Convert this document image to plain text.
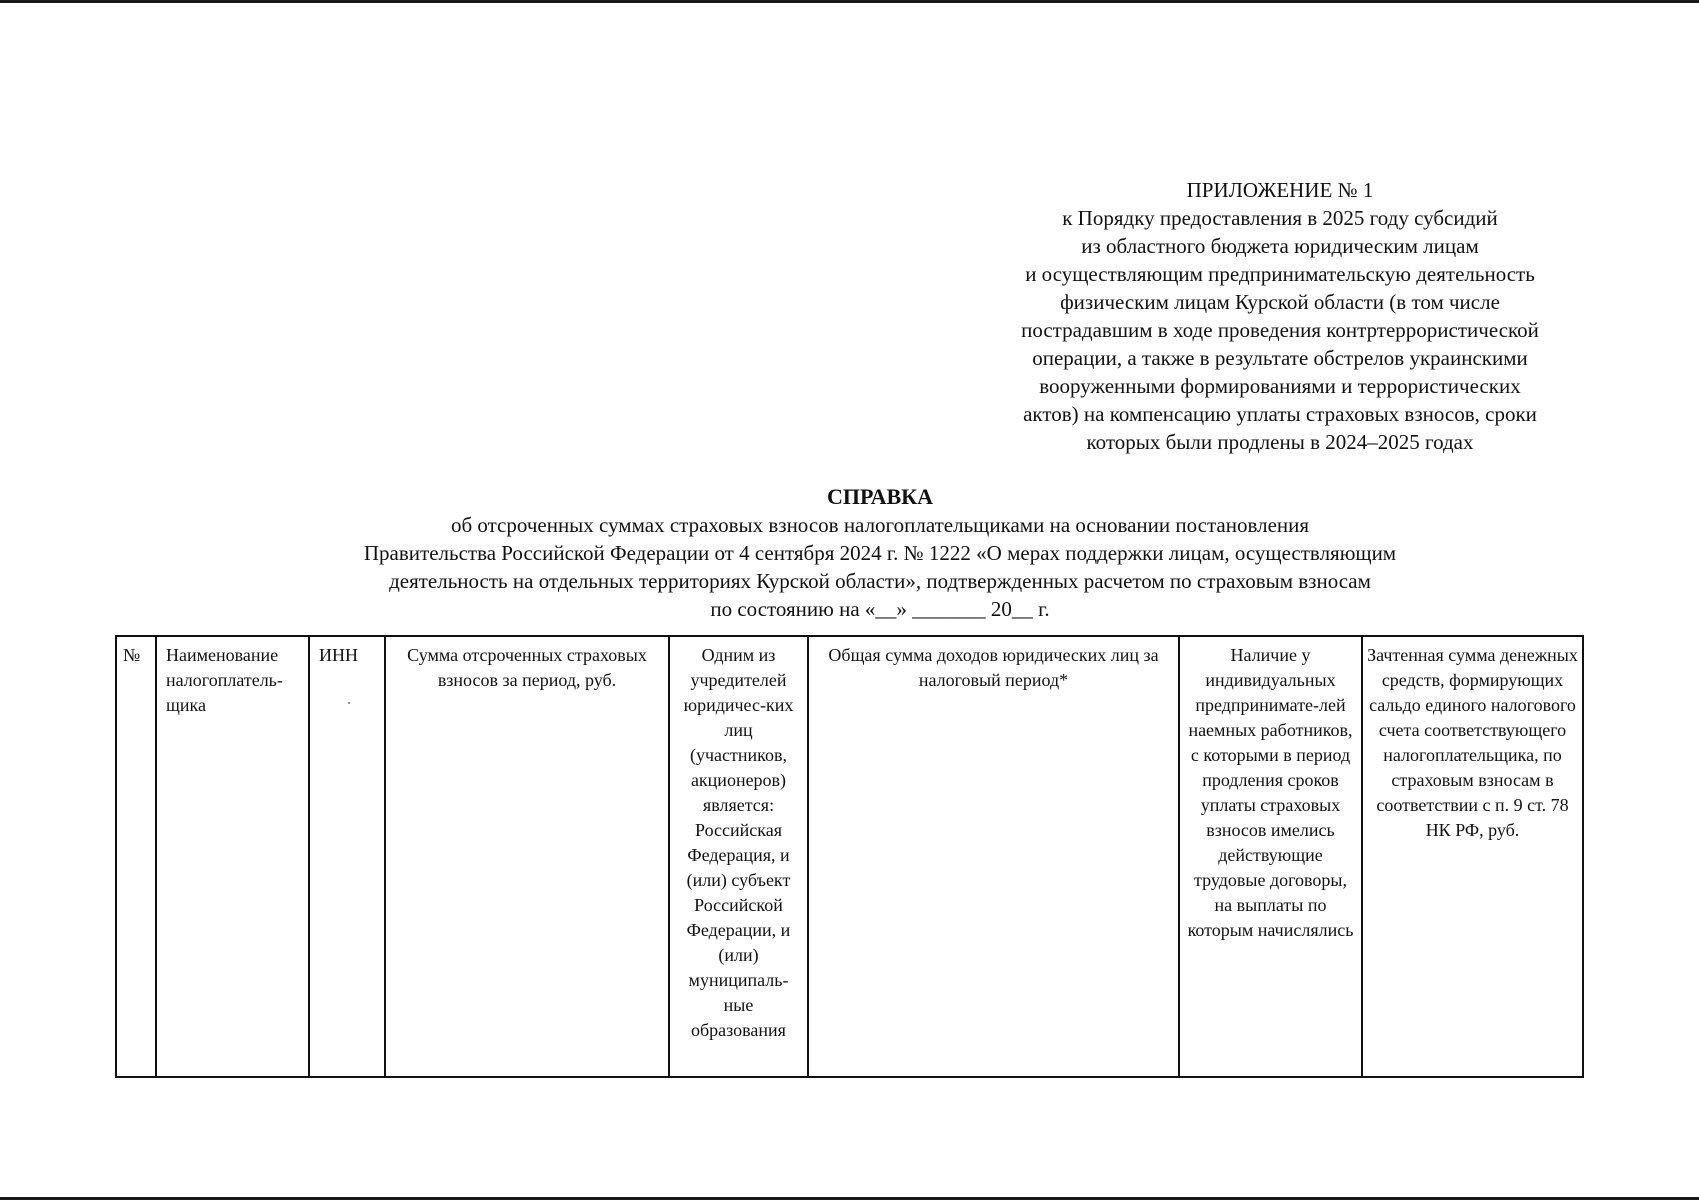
ПРИЛОЖЕНИЕ № 1
к Порядку предоставления в 2025 году субсидий
из областного бюджета юридическим лицам
и осуществляющим предпринимательскую деятельность
физическим лицам Курской области (в том числе
пострадавшим в ходе проведения контртеррористической
операции, а также в результате обстрелов украинскими
вооруженными формированиями и террористических
актов) на компенсацию уплаты страховых взносов, сроки
которых были продлены в 2024–2025 годах
СПРАВКА
об отсроченных суммах страховых взносов налогоплательщиками на основании постановления
Правительства Российской Федерации от 4 сентября 2024 г. № 1222 «О мерах поддержки лицам, осуществляющим
деятельность на отдельных территориях Курской области», подтвержденных расчетом по страховым взносам
по состоянию на «__» _______ 20__ г.
№	Наименование налогоплатель-щика	ИНН	Сумма отсроченных страховых взносов за период, руб.	Одним из учредителей юридичес-ких лиц (участников, акционеров) является: Российская Федерация, и (или) субъект Российской Федерации, и (или) муниципаль-ные образования	Общая сумма доходов юридических лиц за налоговый период*	Наличие у индивидуальных предпринимате-лей наемных работников, с которыми в период продления сроков уплаты страховых взносов имелись действующие трудовые договоры, на выплаты по которым начислялись	Зачтенная сумма денежных средств, формирующих сальдо единого налогового счета соответствующего налогоплательщика, по страховым взносам в соответствии с п. 9 ст. 78 НК РФ, руб.
